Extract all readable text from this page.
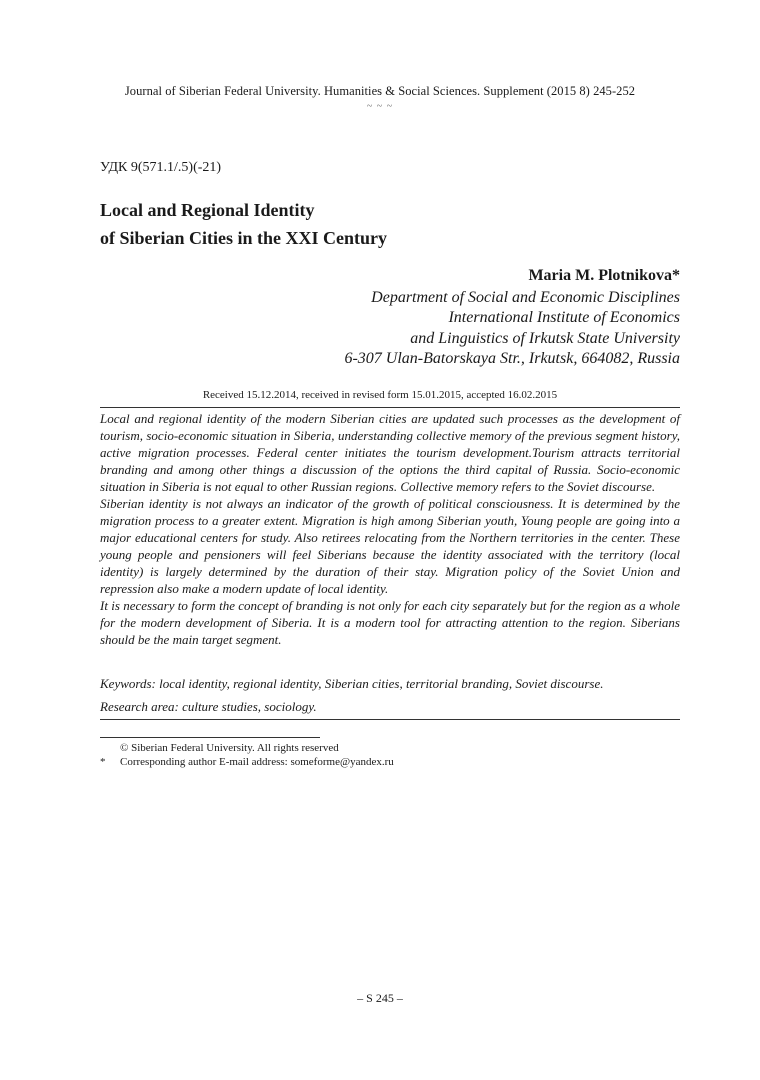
Journal of Siberian Federal University. Humanities & Social Sciences. Supplement (2015 8) 245-252
~ ~ ~
УДК 9(571.1/.5)(-21)
Local and Regional Identity
of Siberian Cities in the XXI Century
Maria M. Plotnikova*
Department of Social and Economic Disciplines
International Institute of Economics
and Linguistics of Irkutsk State University
6-307 Ulan-Batorskaya Str., Irkutsk, 664082, Russia
Received 15.12.2014, received in revised form 15.01.2015, accepted 16.02.2015

Local and regional identity of the modern Siberian cities are updated such processes as the development of tourism, socio-economic situation in Siberia, understanding collective memory of the previous segment history, active migration processes. Federal center initiates the tourism development.Tourism attracts territorial branding and among other things a discussion of the options the third capital of Russia. Socio-economic situation in Siberia is not equal to other Russian regions. Collective memory refers to the Soviet discourse.

Siberian identity is not always an indicator of the growth of political consciousness. It is determined by the migration process to a greater extent. Migration is high among Siberian youth, Young people are going into a major educational centers for study. Also retirees relocating from the Northern territories in the center. These young people and pensioners will feel Siberians because the identity associated with the territory (local identity) is largely determined by the duration of their stay. Migration policy of the Soviet Union and repression also make a modern update of local identity.

It is necessary to form the concept of branding is not only for each city separately but for the region as a whole for the modern development of Siberia. It is a modern tool for attracting attention to the region. Siberians should be the main target segment.

Keywords: local identity, regional identity, Siberian cities, territorial branding, Soviet discourse.
Research area: culture studies, sociology.
© Siberian Federal University. All rights reserved
* Corresponding author E-mail address: someforme@yandex.ru
– S 245 –
